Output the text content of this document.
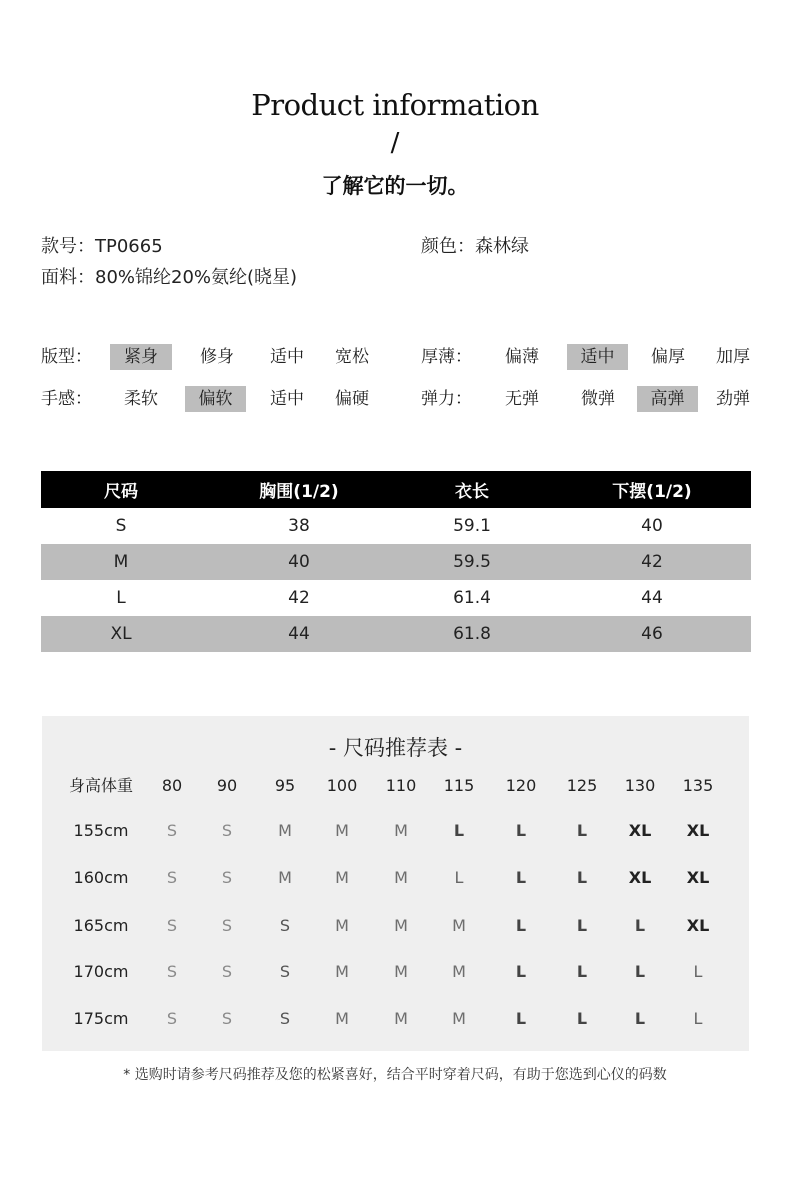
Product information
/
了解它的一切。
款号：TP0665	颜色：森林绿
面料：80%锦纶20%氨纶(晓星)
版型：	紧身	修身	适中	宽松	厚薄：	偏薄	适中	偏厚	加厚
手感：	柔软	偏软	适中	偏硬	弹力：	无弹	微弹	高弹	劲弹
尺码	胸围(1/2)	衣长	下摆(1/2)
S	38	59.1	40
M	40	59.5	42
L	42	61.4	44
XL	44	61.8	46
- 尺码推荐表 -
身高体重	80	90	95	100	110	115	120	125	130	135
155cm	S	S	M	M	M	L	L	L	XL	XL
160cm	S	S	M	M	M	L	L	L	XL	XL
165cm	S	S	S	M	M	M	L	L	L	XL
170cm	S	S	S	M	M	M	L	L	L	L
175cm	S	S	S	M	M	M	L	L	L	L
* 选购时请参考尺码推荐及您的松紧喜好，结合平时穿着尺码，有助于您选到心仪的码数
